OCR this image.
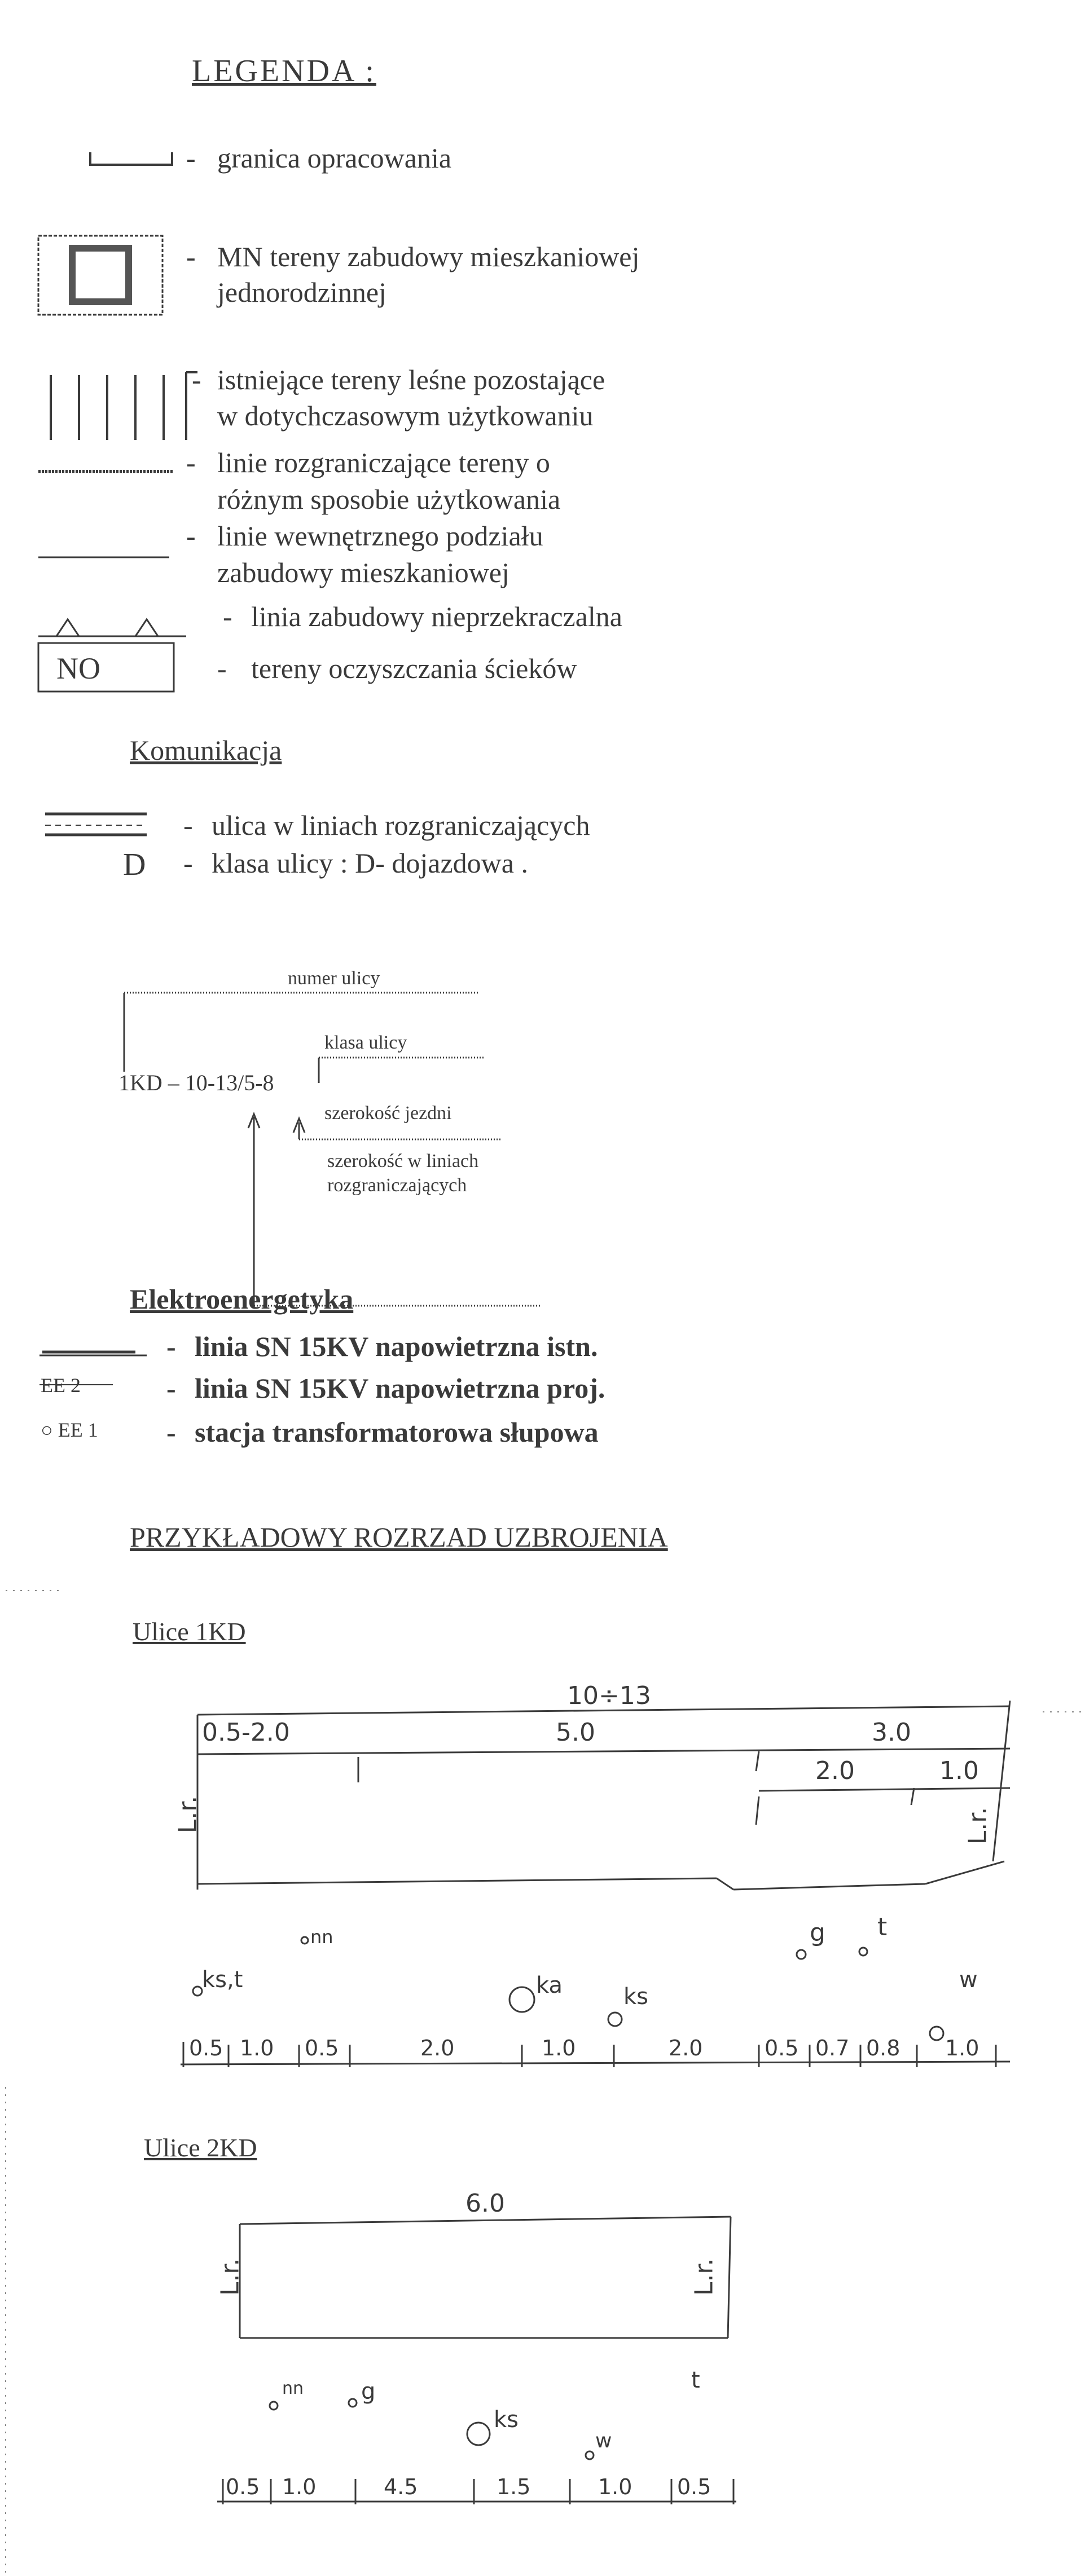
LEGENDA :
- granica opracowania
- MN tereny zabudowy mieszkaniowej
jednorodzinnej
- istniejące tereny leśne pozostające
w dotychczasowym użytkowaniu
- linie rozgraniczające tereny o
różnym sposobie użytkowania
- linie wewnętrznego podziału
zabudowy mieszkaniowej
- linia zabudowy nieprzekraczalna
NO	- tereny oczyszczania ścieków
Komunikacja
- ulica w liniach rozgraniczających
D - klasa ulicy : D- dojazdowa .
numer ulicy
klasa ulicy
1KD – 10-13/5-8
szerokość jezdni
szerokość w liniach
rozgraniczających
Elektroenergetyka
- linia SN 15KV napowietrzna istn.
EE 2	- linia SN 15KV napowietrzna proj.
○ EE 1 - stacja transformatorowa słupowa
PRZYKŁADOWY ROZRZAD UZBROJENIA
Ulice 1KD
10÷13
0.5-2.0	5.0	3.0
2.0	1.0
L.r.	L.r.
ks,t
nn
ka	ks
g t
w
0.5 1.0 0.5	2.0	1.0	2.0	0.5 0.7 0.8 1.0
Ulice 2KD
6.0
L.r.	L.r.
nn	g
ks
t
w
0.5 1.0	4.5	1.5	1.0 0.5
